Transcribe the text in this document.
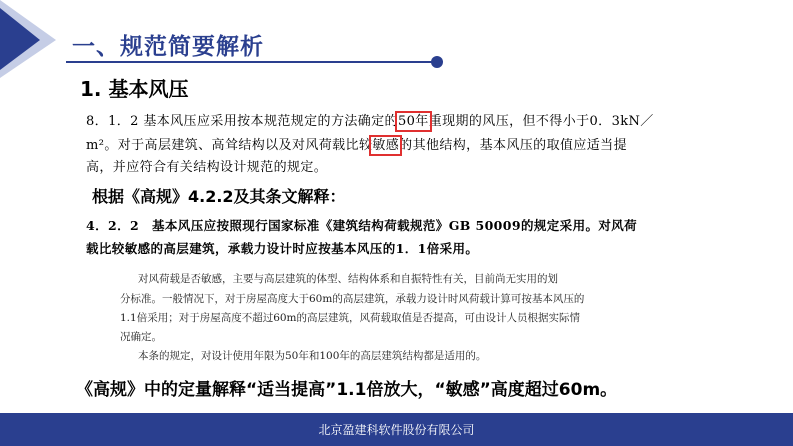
一、规范简要解析
1. 基本风压
8．1．2 基本风压应采用按本规范规定的方法确定的50年重现期的风压，但不得小于0．3kN／
m²。对于高层建筑、高耸结构以及对风荷载比较敏感的其他结构，基本风压的取值应适当提
高，并应符合有关结构设计规范的规定。
根据《高规》4.2.2及其条文解释：
4．2．2　基本风压应按照现行国家标准《建筑结构荷载规范》GB 50009的规定采用。对风荷
载比较敏感的高层建筑，承载力设计时应按基本风压的1．1倍采用。
对风荷载是否敏感，主要与高层建筑的体型、结构体系和自振特性有关，目前尚无实用的划
分标准。一般情况下，对于房屋高度大于60m的高层建筑，承载力设计时风荷载计算可按基本风压的
1.1倍采用；对于房屋高度不超过60m的高层建筑，风荷载取值是否提高，可由设计人员根据实际情
况确定。
本条的规定，对设计使用年限为50年和100年的高层建筑结构都是适用的。
《高规》中的定量解释“适当提高”1.1倍放大，“敏感”高度超过60m。
北京盈建科软件股份有限公司
